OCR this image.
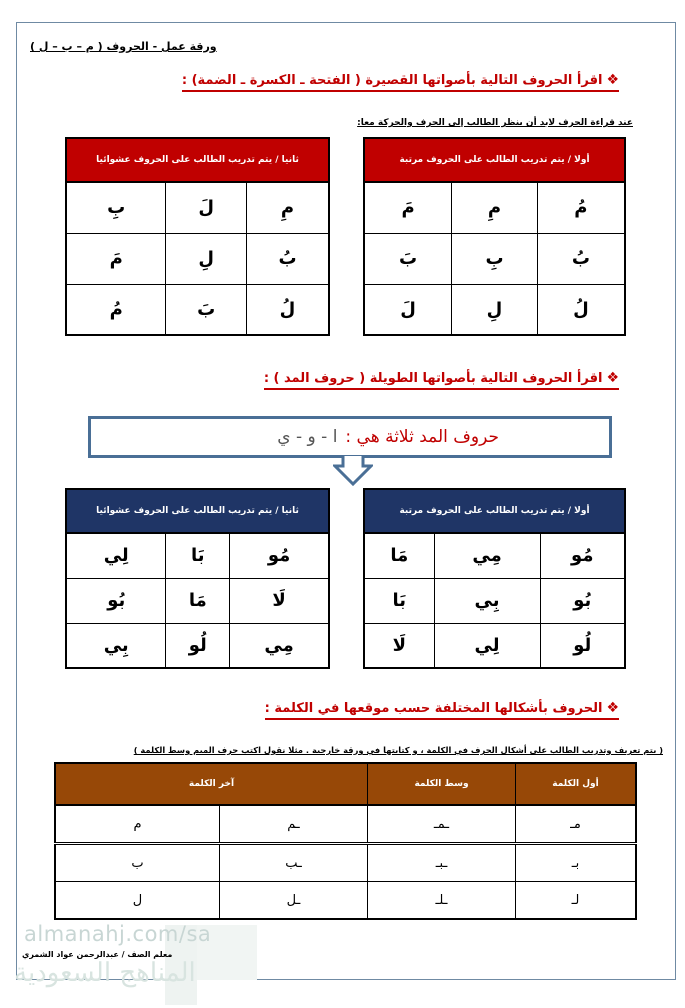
ورقة عمل - الحروف ( م – ب – ل )
❖اقرأ الحروف التالية بأصواتها القصيرة ( الفتحة ـ الكسرة ـ الضمة) :
عند قراءة الحرف لابد أن ينظر الطالب إلى الحرف والحركة معا:
أولا / يتم تدريب الطالب على الحروف مرتبة		
مَ	مِ	مُ
بَ	بِ	بُ
لَ	لِ	لُ
ثانيا / يتم تدريب الطالب على الحروف عشوائيا		
بِ	لَ	مِ
مَ	لِ	بُ
مُ	بَ	لُ
❖اقرأ الحروف التالية بأصواتها الطويلة ( حروف المد ) :
حروف المد ثلاثة هي :ا - و - ي
أولا / يتم تدريب الطالب على الحروف مرتبة		
مَا	مِي	مُو
بَا	بِي	بُو
لَا	لِي	لُو
ثانيا / يتم تدريب الطالب على الحروف عشوائيا		
لِي	بَا	مُو
بُو	مَا	لَا
بِي	لُو	مِي
❖الحروف بأشكالها المختلفة حسب موقعها في الكلمة :
( يتم تعريف وتدريب الطالب على أشكال الحرف في الكلمة ، و كتابتها في ورقة خارجية . مثلا نقول اكتب حرف الميم وسط الكلمة )
أول الكلمة	وسط الكلمة	آخر الكلمة	
مـ	ـمـ	ـم	م
بـ	ـبـ	ـب	ب
لـ	ـلـ	ـل	ل
almanahj.com/sa
المناهج السعودية
معلم الصف / عبدالرحمن عواد الشمري
